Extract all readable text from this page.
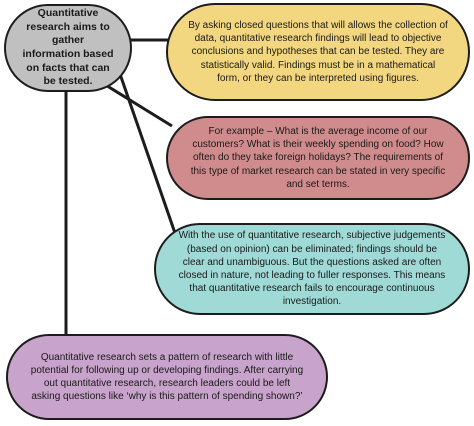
Quantitative research aims to gather information based on facts that can be tested.
By asking closed questions that will allows the collection of data, quantitative research findings will lead to objective conclusions and hypotheses that can be tested. They are statistically valid. Findings must be in a mathematical form, or they can be interpreted using figures.
For example – What is the average income of our customers? What is their weekly spending on food? How often do they take foreign holidays? The requirements of this type of market research can be stated in very specific and set terms.
With the use of quantitative research, subjective judgements (based on opinion) can be eliminated; findings should be clear and unambiguous. But the questions asked are often closed in nature, not leading to fuller responses. This means that quantitative research fails to encourage continuous investigation.
Quantitative research sets a pattern of research with little potential for following up or developing findings. After carrying out quantitative research, research leaders could be left asking questions like ‘why is this pattern of spending shown?’
